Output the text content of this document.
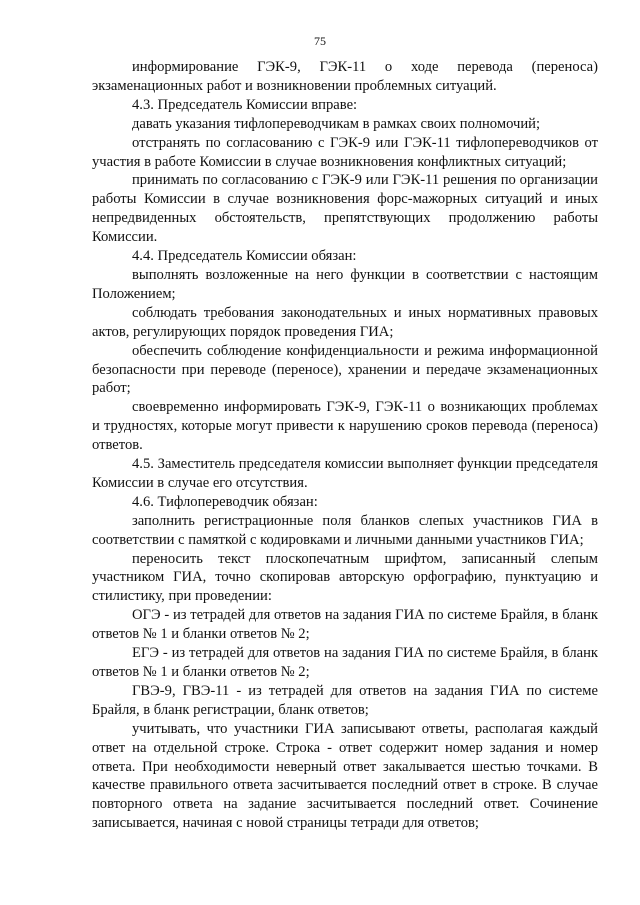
75

информирование ГЭК-9, ГЭК-11 о ходе перевода (переноса) экзаменационных работ и возникновении проблемных ситуаций.

4.3. Председатель Комиссии вправе:

давать указания тифлопереводчикам в рамках своих полномочий;

отстранять по согласованию с ГЭК-9 или ГЭК-11 тифлопереводчиков от участия в работе Комиссии в случае возникновения конфликтных ситуаций;

принимать по согласованию с ГЭК-9 или ГЭК-11 решения по организации работы Комиссии в случае возникновения форс-мажорных ситуаций и иных непредвиденных обстоятельств, препятствующих продолжению работы Комиссии.

4.4. Председатель Комиссии обязан:

выполнять возложенные на него функции в соответствии с настоящим Положением;

соблюдать требования законодательных и иных нормативных правовых актов, регулирующих порядок проведения ГИА;

обеспечить соблюдение конфиденциальности и режима информационной безопасности при переводе (переносе), хранении и передаче экзаменационных работ;

своевременно информировать ГЭК-9, ГЭК-11 о возникающих проблемах и трудностях, которые могут привести к нарушению сроков перевода (переноса) ответов.

4.5. Заместитель председателя комиссии выполняет функции председателя Комиссии в случае его отсутствия.

4.6. Тифлопереводчик обязан:

заполнить регистрационные поля бланков слепых участников ГИА в соответствии с памяткой с кодировками и личными данными участников ГИА;

переносить текст плоскопечатным шрифтом, записанный слепым участником ГИА, точно скопировав авторскую орфографию, пунктуацию и стилистику, при проведении:

ОГЭ - из тетрадей для ответов на задания ГИА по системе Брайля, в бланк ответов № 1 и бланки ответов № 2;

ЕГЭ - из тетрадей для ответов на задания ГИА по системе Брайля, в бланк ответов № 1 и бланки ответов № 2;

ГВЭ-9, ГВЭ-11 - из тетрадей для ответов на задания ГИА по системе Брайля, в бланк регистрации, бланк ответов;

учитывать, что участники ГИА записывают ответы, располагая каждый ответ на отдельной строке. Строка - ответ содержит номер задания и номер ответа. При необходимости неверный ответ закалывается шестью точками. В качестве правильного ответа засчитывается последний ответ в строке. В случае повторного ответа на задание засчитывается последний ответ. Сочинение записывается, начиная с новой страницы тетради для ответов;
